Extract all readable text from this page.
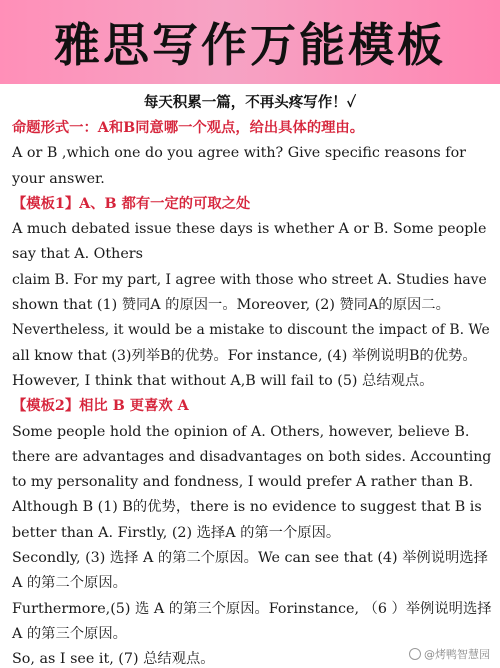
雅思写作万能模板
每天积累一篇，不再头疼写作！✓
命题形式一：A和B同意哪一个观点，给出具体的理由。
A or B ,which one do you agree with? Give specific reasons for
your answer.
【模板1】A、B 都有一定的可取之处
A much debated issue these days is whether A or B. Some people
say that A. Others
claim B. For my part, I agree with those who street A. Studies have
shown that (1) 赞同A 的原因一。Moreover, (2) 赞同A的原因二。
Nevertheless, it would be a mistake to discount the impact of B. We
all know that (3)列举B的优势。For instance, (4) 举例说明B的优势。
However, I think that without A,B will fail to (5) 总结观点。
【模板2】相比 B 更喜欢 A
Some people hold the opinion of A. Others, however, believe B.
there are advantages and disadvantages on both sides. Accounting
to my personality and fondness, I would prefer A rather than B.
Although B (1) B的优势，there is no evidence to suggest that B is
better than A. Firstly, (2) 选择A 的第一个原因。
Secondly, (3) 选择 A 的第二个原因。We can see that (4) 举例说明选择
A 的第二个原因。
Furthermore,(5) 选 A 的第三个原因。Forinstance, （6 ）举例说明选择
A 的第三个原因。
So, as I see it, (7) 总结观点。	@烤鸭智慧园
